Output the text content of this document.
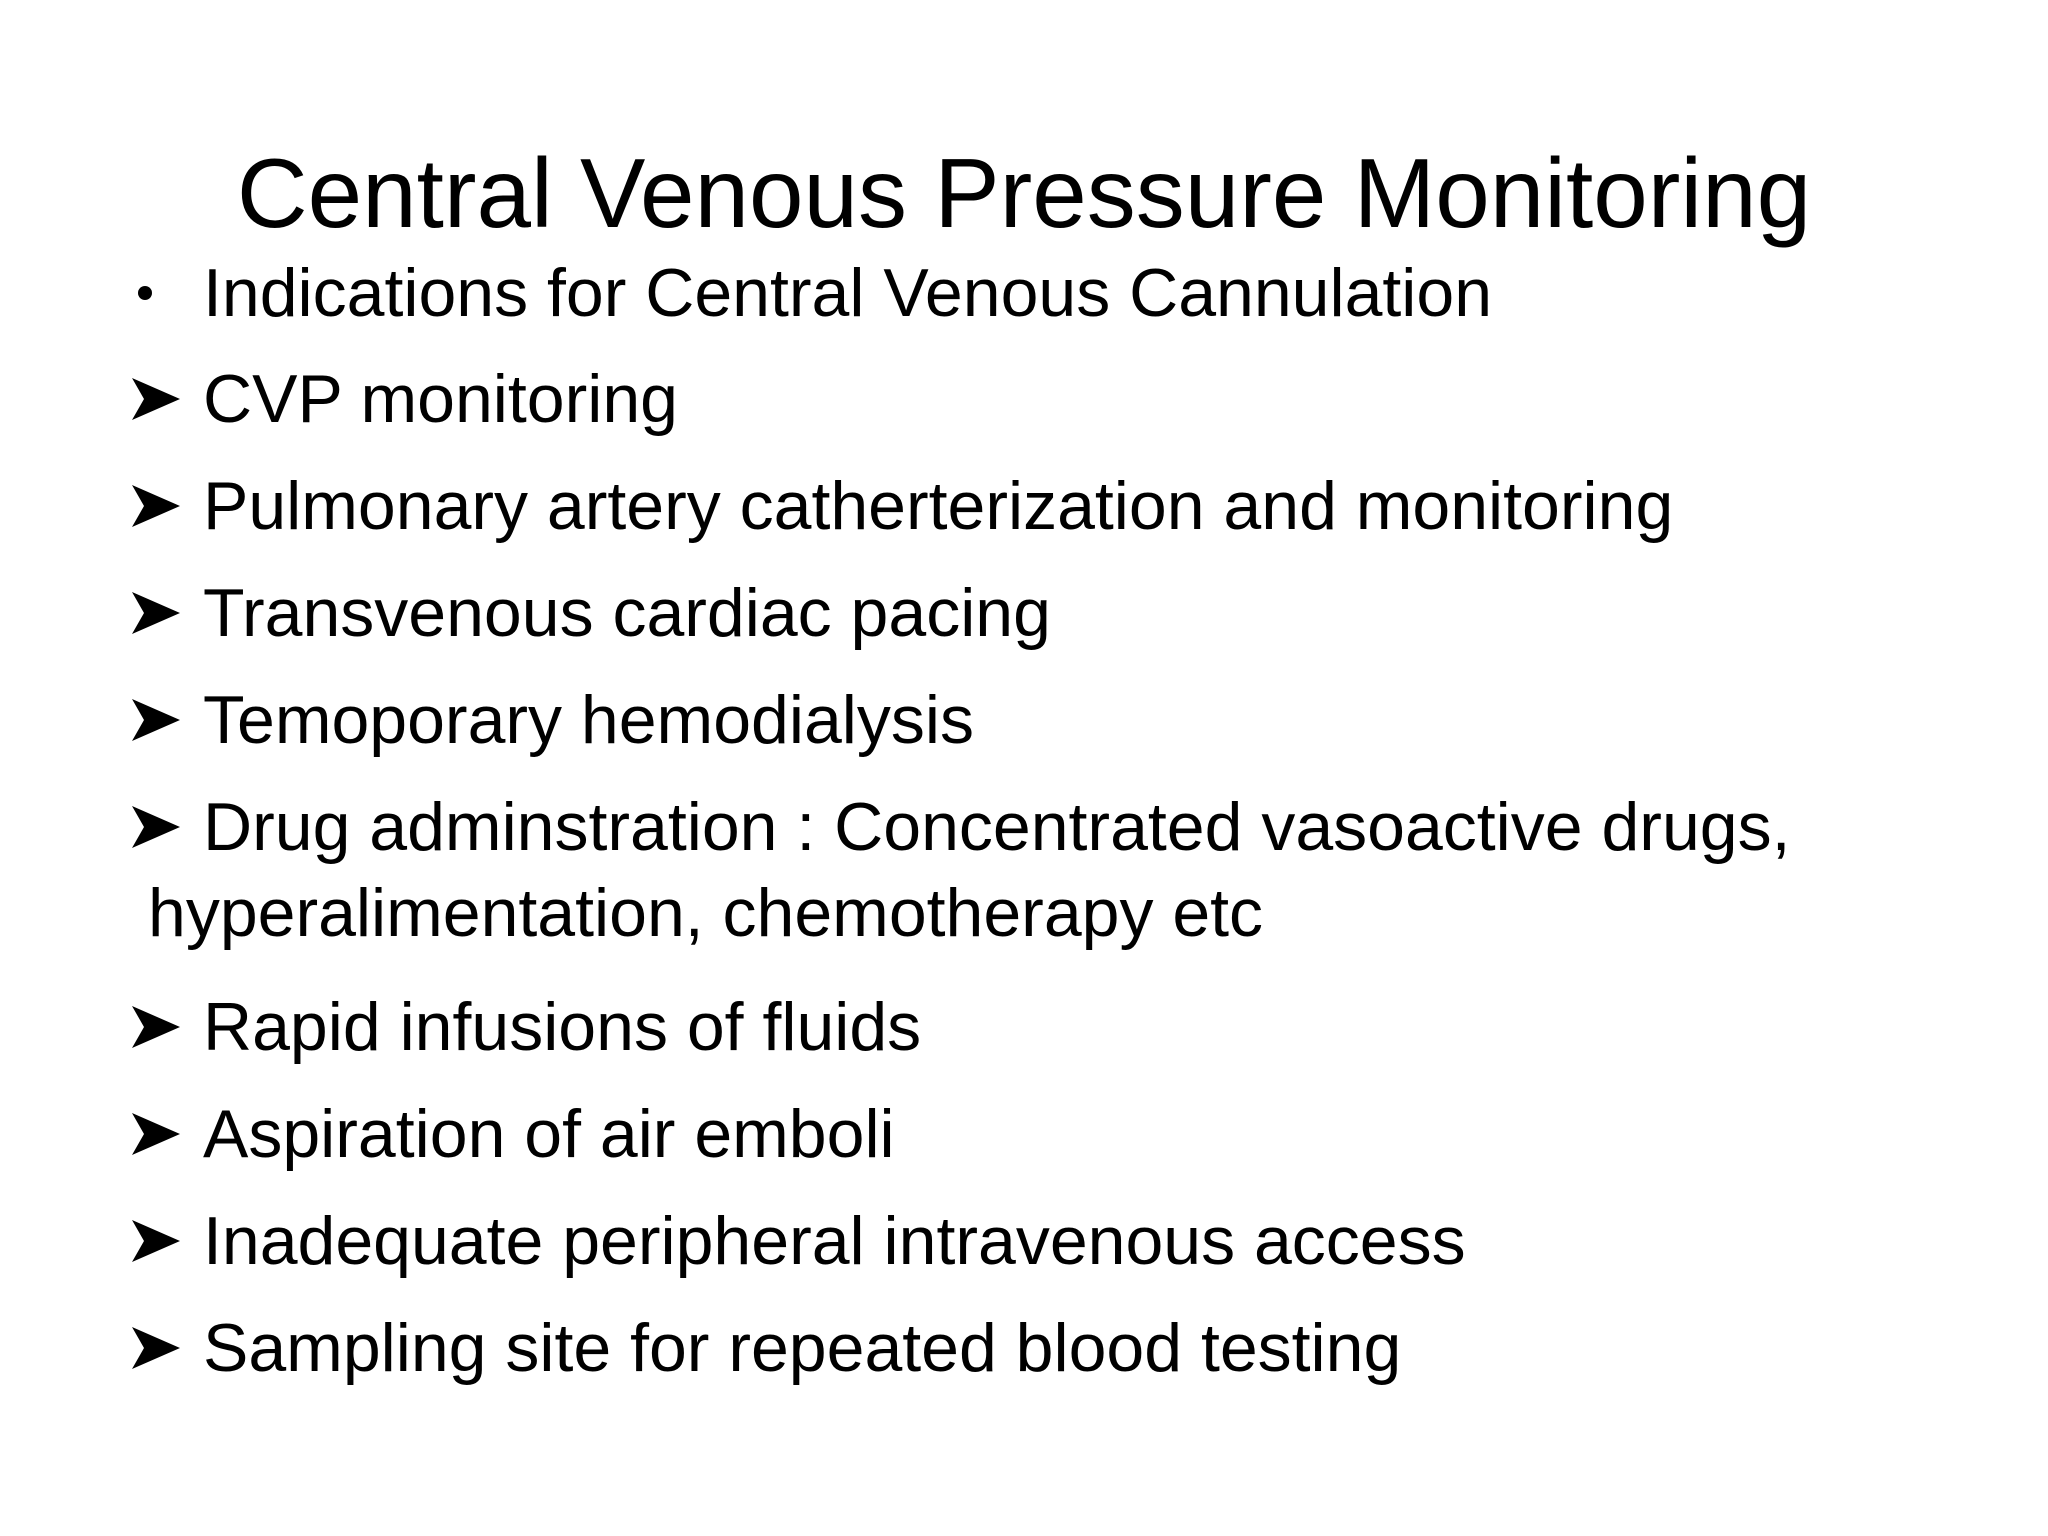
Central Venous Pressure Monitoring
Indications for Central Venous Cannulation
CVP monitoring
Pulmonary artery catherterization and monitoring
Transvenous cardiac pacing
Temoporary hemodialysis
Drug adminstration : Concentrated vasoactive drugs,
hyperalimentation, chemotherapy etc
Rapid infusions of fluids
Aspiration of air emboli
Inadequate peripheral intravenous access
Sampling site for repeated blood testing
